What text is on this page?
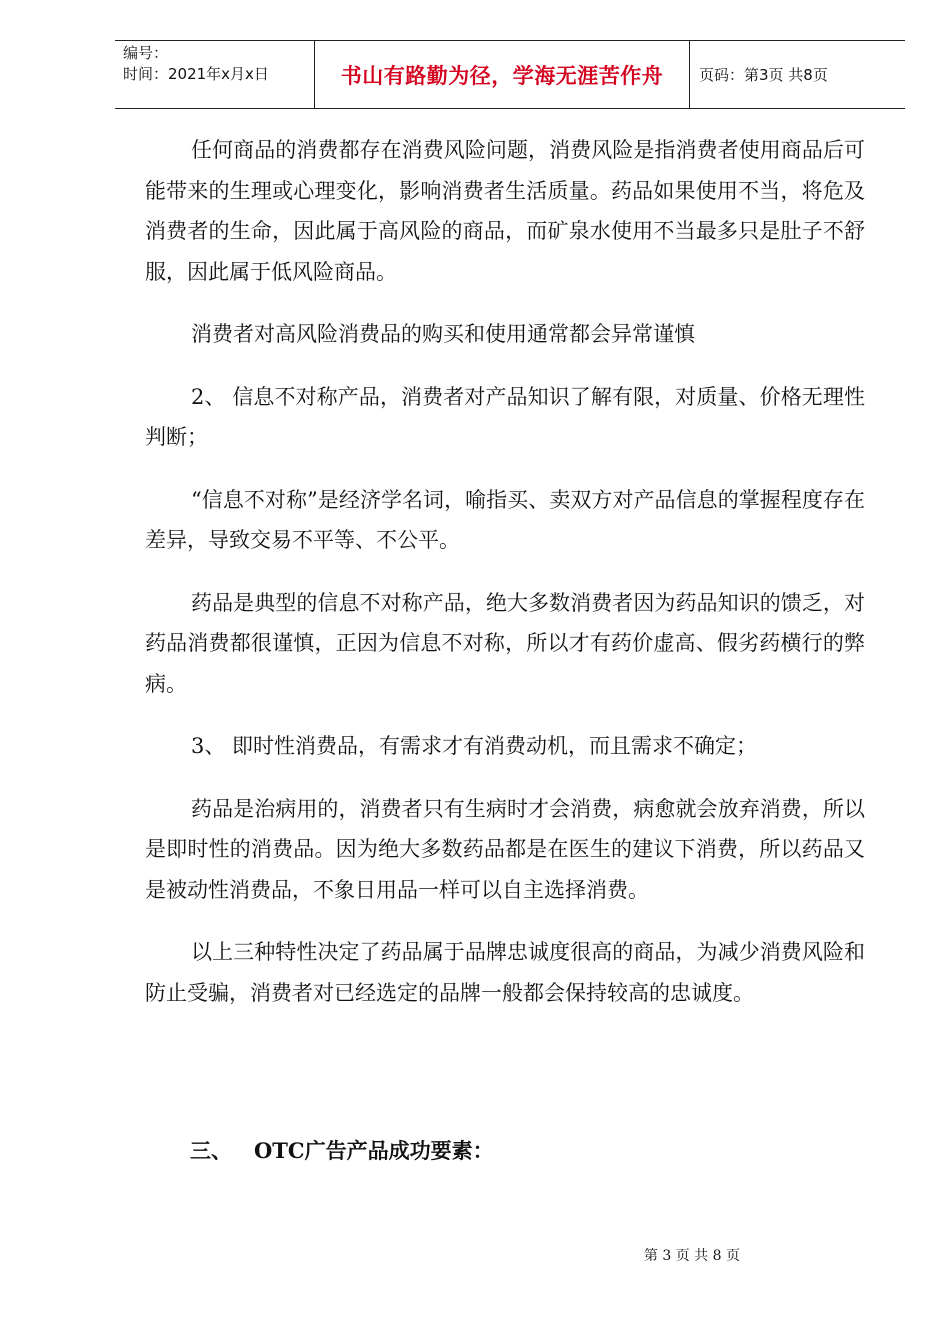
编号：
时间：2021年x月x日	书山有路勤为径，学海无涯苦作舟	页码：第3页 共8页

任何商品的消费都存在消费风险问题，消费风险是指消费者使用商品后可能带来的生理或心理变化，影响消费者生活质量。药品如果使用不当，将危及消费者的生命，因此属于高风险的商品，而矿泉水使用不当最多只是肚子不舒服，因此属于低风险商品。

消费者对高风险消费品的购买和使用通常都会异常谨慎

2、 信息不对称产品，消费者对产品知识了解有限，对质量、价格无理性判断；

“信息不对称”是经济学名词，喻指买、卖双方对产品信息的掌握程度存在差异，导致交易不平等、不公平。

药品是典型的信息不对称产品，绝大多数消费者因为药品知识的馈乏，对药品消费都很谨慎，正因为信息不对称，所以才有药价虚高、假劣药横行的弊病。

3、 即时性消费品，有需求才有消费动机，而且需求不确定；

药品是治病用的，消费者只有生病时才会消费，病愈就会放弃消费，所以是即时性的消费品。因为绝大多数药品都是在医生的建议下消费，所以药品又是被动性消费品，不象日用品一样可以自主选择消费。

以上三种特性决定了药品属于品牌忠诚度很高的商品，为减少消费风险和防止受骗，消费者对已经选定的品牌一般都会保持较高的忠诚度。

三、 OTC广告产品成功要素：
第 3 页 共 8 页
